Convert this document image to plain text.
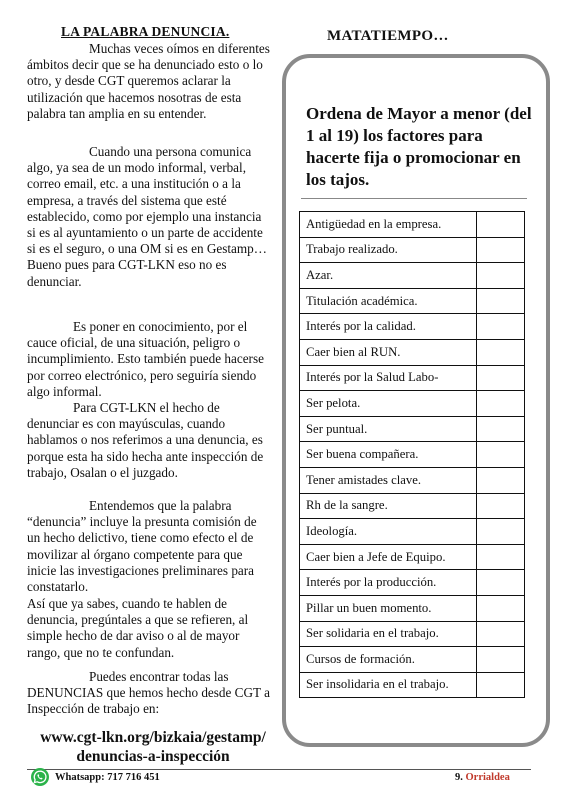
LA PALABRA DENUNCIA.
Muchas veces oímos en diferentes ámbitos decir que se ha denunciado esto o lo otro, y desde CGT queremos aclarar la utilización que hacemos nosotras de esta palabra tan amplia en su entender.
Cuando una persona comunica algo, ya sea de un modo informal, verbal, correo email, etc. a una institución o a la empresa, a través del sistema que esté establecido, como por ejemplo una instancia si es al ayuntamiento o un parte de accidente si es el seguro, o una OM si es en Gestamp… Bueno pues para CGT-LKN eso no es denunciar.
Es poner en conocimiento, por el cauce oficial, de una situación, peligro o incumplimiento. Esto también puede hacerse por correo electrónico, pero seguiría siendo algo informal.
Para CGT-LKN el hecho de denunciar es con mayúsculas, cuando hablamos o nos referimos a una denuncia, es porque esta ha sido hecha ante inspección de trabajo, Osalan o el juzgado.
Entendemos que la palabra “denuncia” incluye la presunta comisión de un hecho delictivo, tiene como efecto el de movilizar al órgano competente para que inicie las investigaciones preliminares para constatarlo.
Así que ya sabes, cuando te hablen de denuncia, pregúntales a que se refieren, al simple hecho de dar aviso o al de mayor rango, que no te confundan.
Puedes encontrar todas las DENUNCIAS que hemos hecho desde CGT a Inspección de trabajo en:
www.cgt-lkn.org/bizkaia/gestamp/
denuncias-a-inspección
MATATIEMPO…
Ordena de Mayor a menor (del 1 al 19) los factores para hacerte fija o promocionar en los tajos.
Antigüedad en la empresa.	
Trabajo realizado.	
Azar.	
Titulación académica.	
Interés por la calidad.	
Caer bien al RUN.	
Interés por la Salud Labo-	
Ser pelota.	
Ser puntual.	
Ser buena compañera.	
Tener amistades clave.	
Rh de la sangre.	
Ideología.	
Caer bien a Jefe de Equipo.	
Interés por la producción.	
Pillar un buen momento.	
Ser solidaria en el trabajo.	
Cursos de formación.	
Ser insolidaria en el trabajo.	
Whatsapp: 717 716 451	9. Orrialdea
